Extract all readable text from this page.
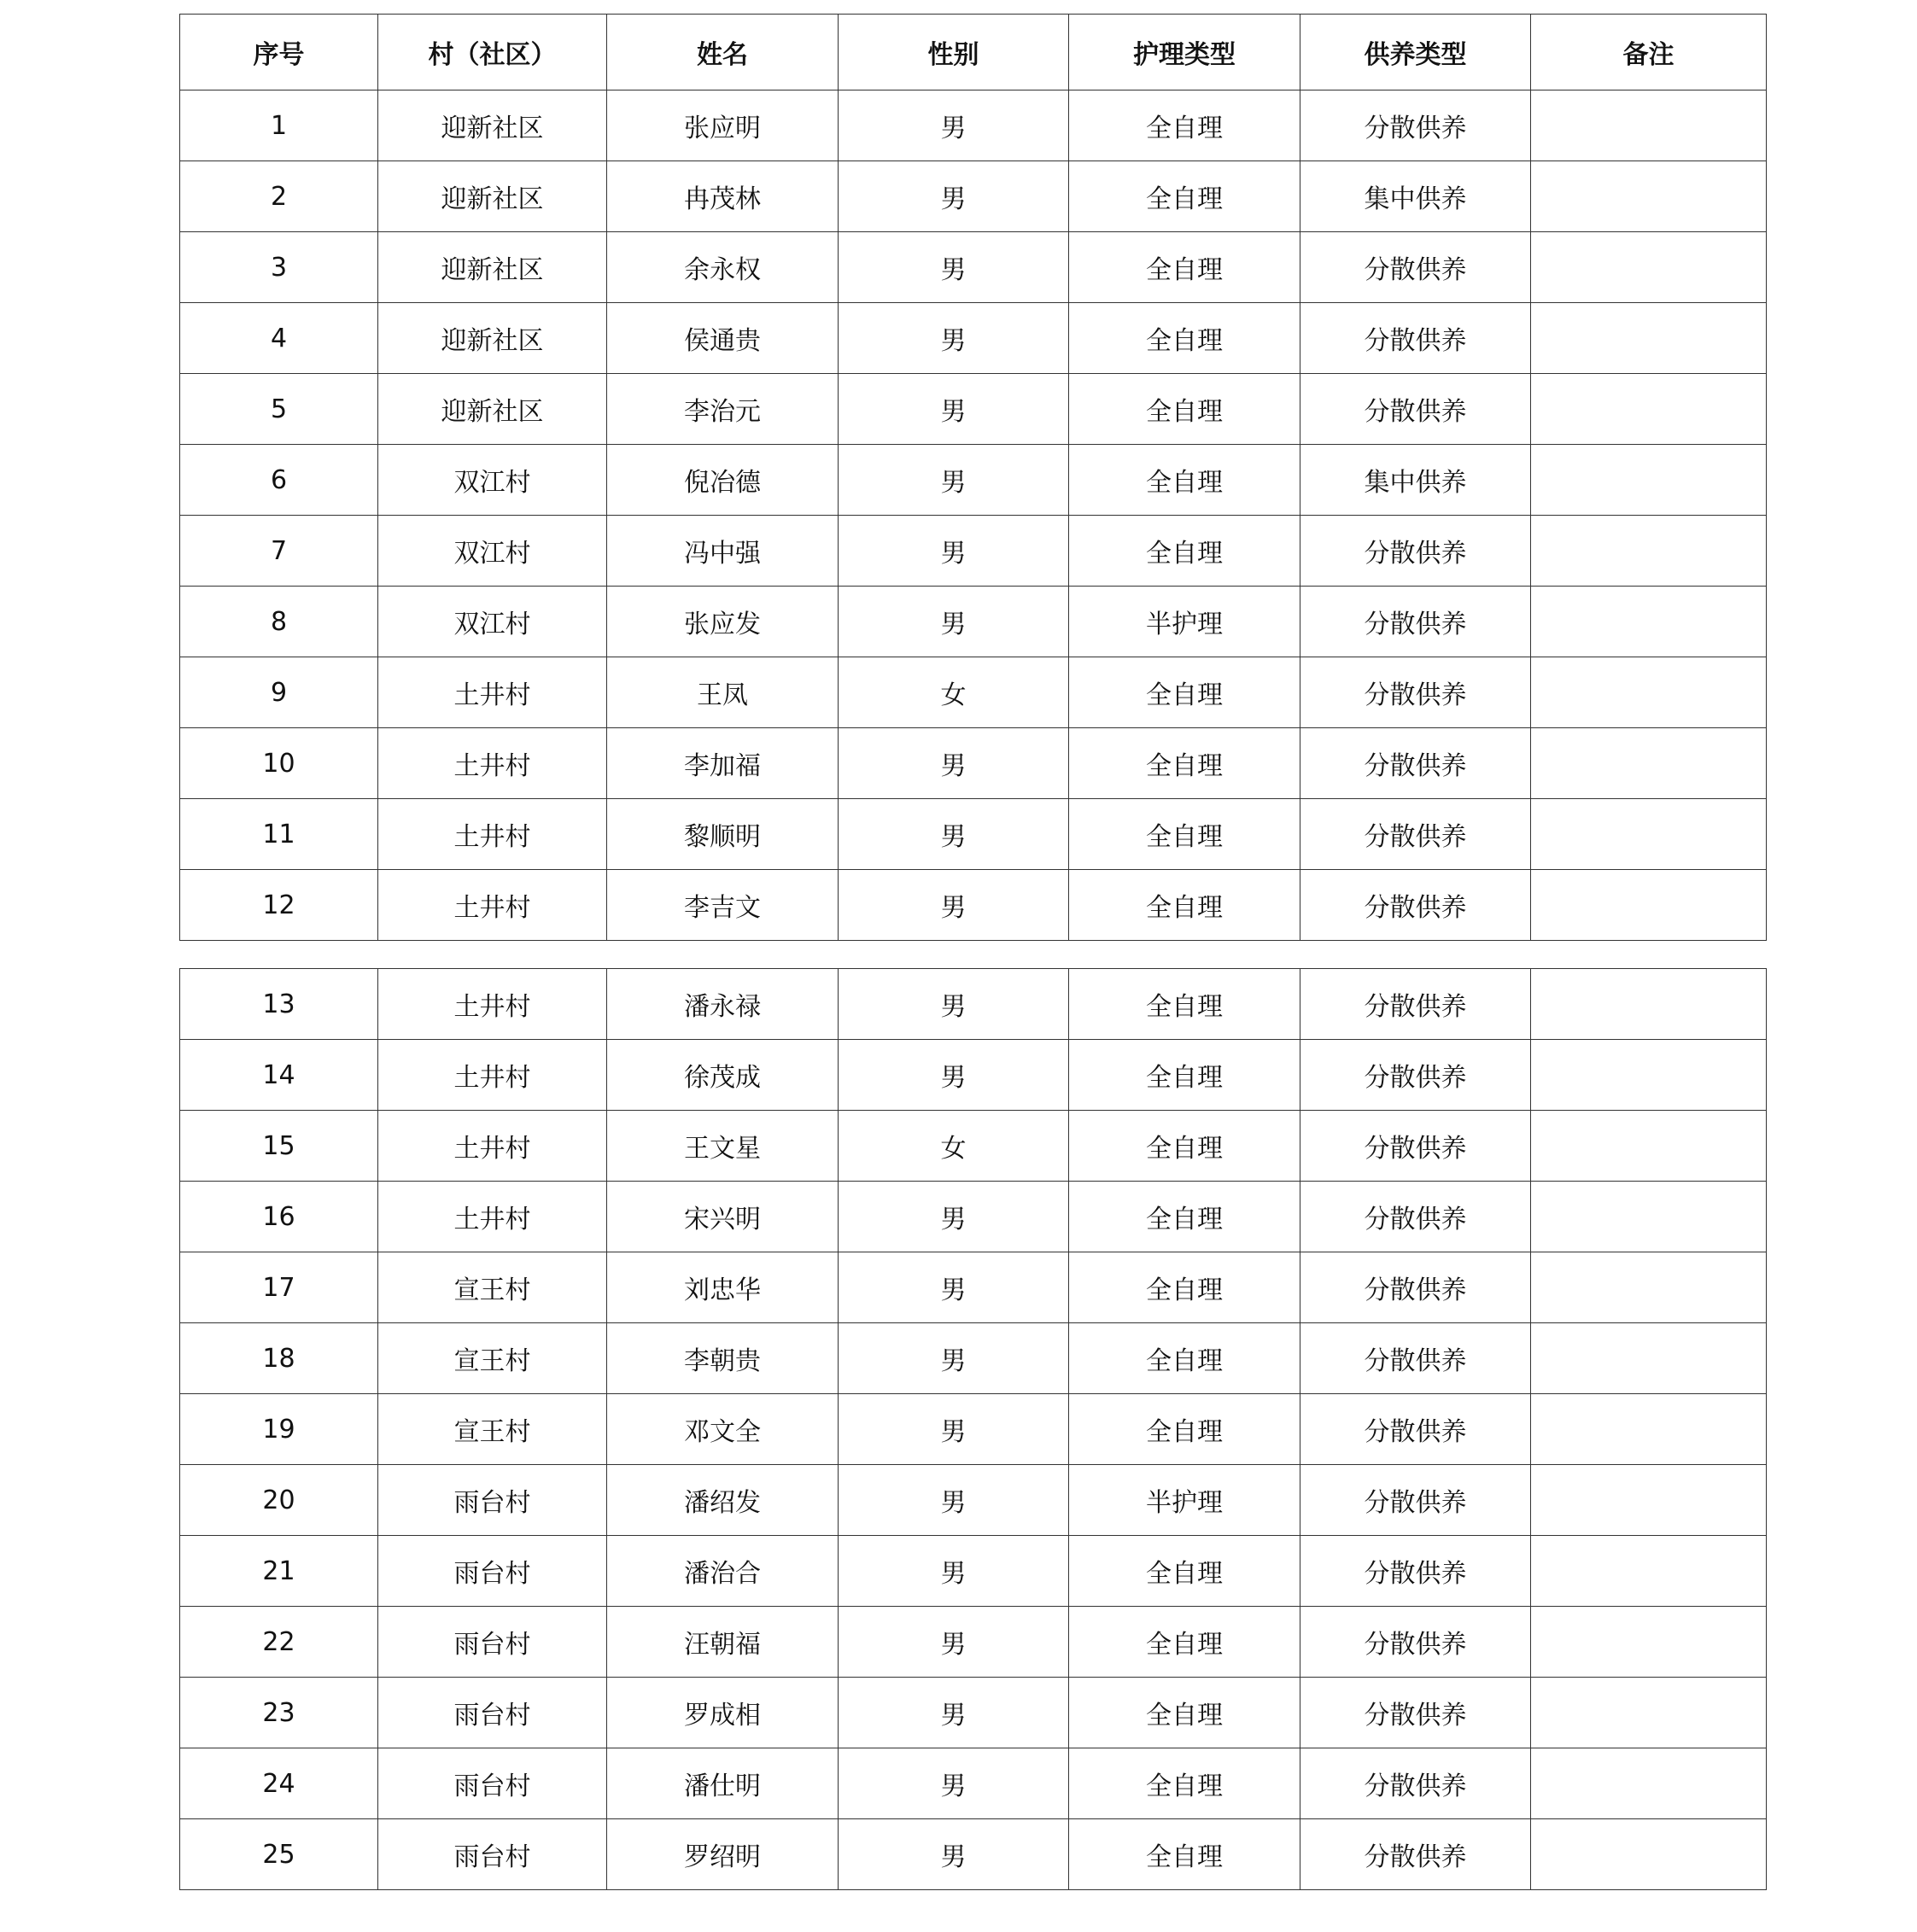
序号	村（社区）	姓名	性别	护理类型	供养类型	备注
1	迎新社区	张应明	男	全自理	分散供养	
2	迎新社区	冉茂林	男	全自理	集中供养	
3	迎新社区	余永权	男	全自理	分散供养	
4	迎新社区	侯通贵	男	全自理	分散供养	
5	迎新社区	李治元	男	全自理	分散供养	
6	双江村	倪冶德	男	全自理	集中供养	
7	双江村	冯中强	男	全自理	分散供养	
8	双江村	张应发	男	半护理	分散供养	
9	土井村	王凤	女	全自理	分散供养	
10	土井村	李加福	男	全自理	分散供养	
11	土井村	黎顺明	男	全自理	分散供养	
12	土井村	李吉文	男	全自理	分散供养	
13	土井村	潘永禄	男	全自理	分散供养	
14	土井村	徐茂成	男	全自理	分散供养	
15	土井村	王文星	女	全自理	分散供养	
16	土井村	宋兴明	男	全自理	分散供养	
17	宣王村	刘忠华	男	全自理	分散供养	
18	宣王村	李朝贵	男	全自理	分散供养	
19	宣王村	邓文全	男	全自理	分散供养	
20	雨台村	潘绍发	男	半护理	分散供养	
21	雨台村	潘治合	男	全自理	分散供养	
22	雨台村	汪朝福	男	全自理	分散供养	
23	雨台村	罗成相	男	全自理	分散供养	
24	雨台村	潘仕明	男	全自理	分散供养	
25	雨台村	罗绍明	男	全自理	分散供养	
